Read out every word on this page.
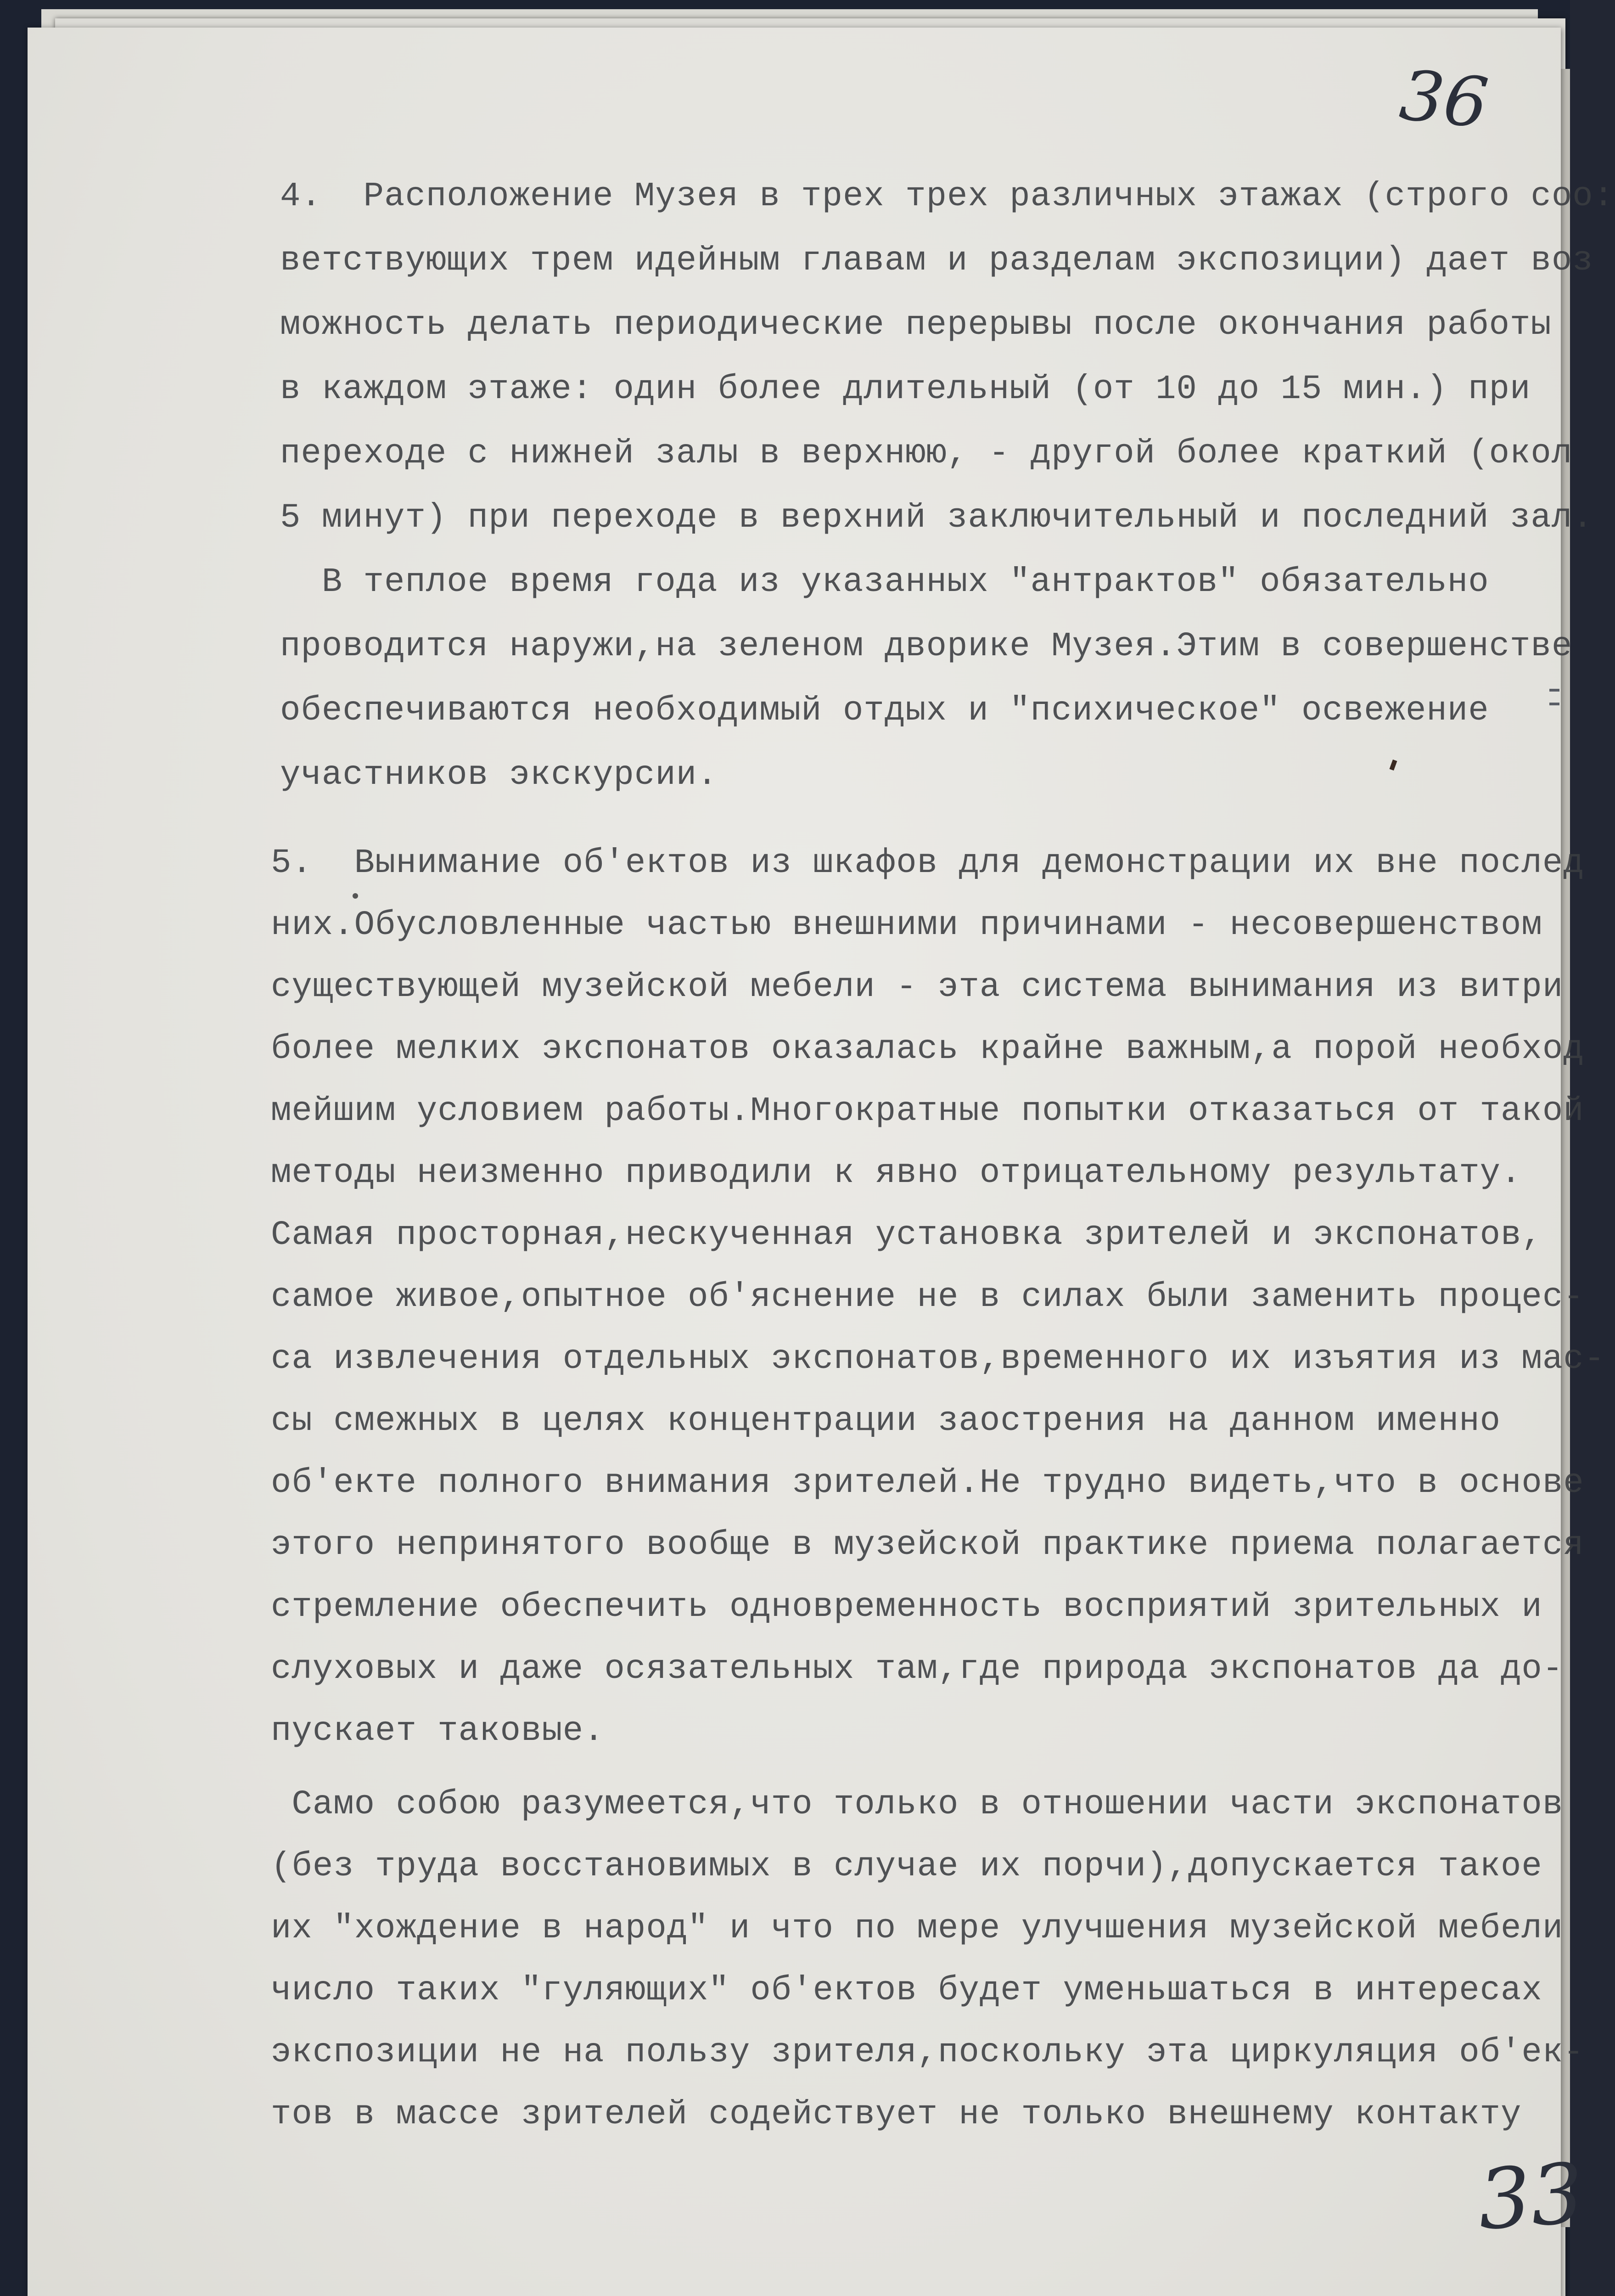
36

4.  Расположение Музея в трех трех различных этажах (строго соо:

ветствующих трем идейным главам и разделам экспозиции) дает воз

можность делать периодические перерывы после окончания работы

в каждом этаже: один более длительный (от 10 до 15 мин.) при

переходе с нижней залы в верхнюю, - другой более краткий (окол

5 минут) при переходе в верхний заключительный и последний зал.

В теплое время года из указанных "антрактов" обязательно

проводится наружи,на зеленом дворике Музея.Этим в совершенстве

обеспечиваются необходимый отдых и "психическое" освежение

участников экскурсии.

5.  Вынимание об'ектов из шкафов для демонстрации их вне послед

них.Обусловленные частью внешними причинами - несовершенством

существующей музейской мебели - эта система вынимания из витри

более мелких экспонатов оказалась крайне важным,а порой необход

мейшим условием работы.Многократные попытки отказаться от такой

методы неизменно приводили к явно отрицательному результату.

Самая просторная,нескученная установка зрителей и экспонатов,

самое живое,опытное об'яснение не в силах были заменить процес-

са извлечения отдельных экспонатов,временного их изъятия из мас-

сы смежных в целях концентрации заострения на данном именно

об'екте полного внимания зрителей.Не трудно видеть,что в основе

этого непринятого вообще в музейской практике приема полагается

стремление обеспечить одновременность восприятий зрительных и

слуховых и даже осязательных там,где природа экспонатов да до-

пускает таковые.

Само собою разумеется,что только в отношении части экспонатов

(без труда восстановимых в случае их порчи),допускается такое

их "хождение в народ" и что по мере улучшения музейской мебели

число таких "гуляющих" об'ектов будет уменьшаться в интересах

экспозиции не на пользу зрителя,поскольку эта циркуляция об'ек-

тов в массе зрителей содействует не только внешнему контакту

33
